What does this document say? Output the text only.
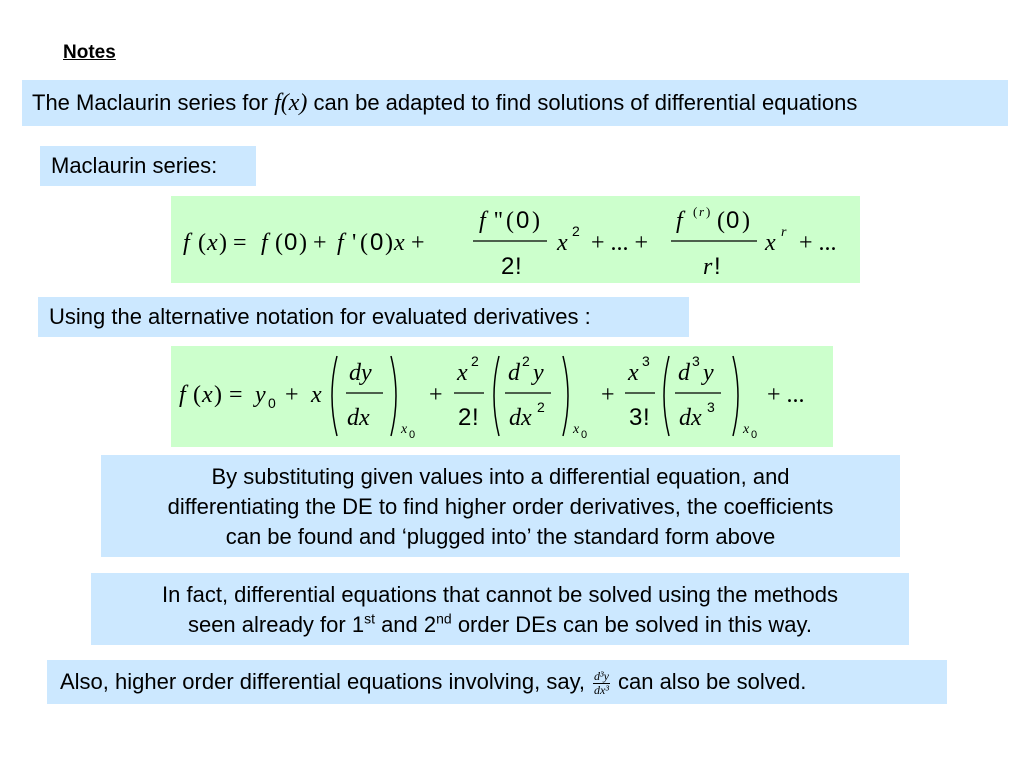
Notes
The Maclaurin series for f(x) can be adapted to find solutions of differential equations
Maclaurin series:
f ( x ) = f ( 0 ) + f ' ( 0 ) x +
f '' ( 0 )
2 !
x 2 + ... +
f ( r ) ( 0 )
r !
x r + ...
Using the alternative notation for evaluated derivatives :
f ( x ) = y 0 + x
dy
dx x 0
+
x 2
2 !
d 2 y
dx 2
x 0
+
x 3
3 !
d 3 y
dx 3
x 0
+ ...
By substituting given values into a differential equation, and
differentiating the DE to find higher order derivatives, the coefficients
can be found and ‘plugged into’ the standard form above
In fact, differential equations that cannot be solved using the methods
seen already for 1st and 2nd order DEs can be solved in this way.
Also, higher order differential equations involving, say, $\frac{\text{d³y}}{\text{dx³}}$ can also be solved.
